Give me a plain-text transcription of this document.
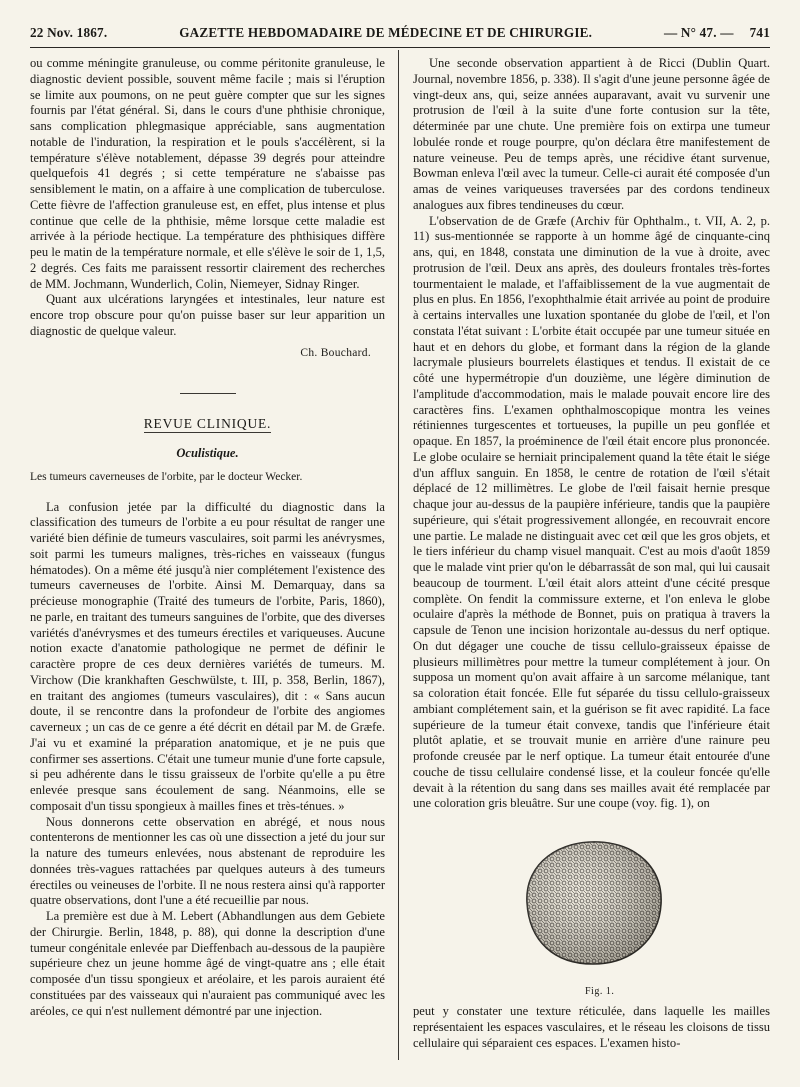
22 Nov. 1867.	GAZETTE HEBDOMADAIRE DE MÉDECINE ET DE CHIRURGIE.	— N° 47. — 741

ou comme méningite granuleuse, ou comme péritonite granuleuse, le diagnostic devient possible, souvent même facile ; mais si l'éruption se limite aux poumons, on ne peut guère compter que sur les signes fournis par l'état général. Si, dans le cours d'une phthisie chronique, sans complication phlegmasique appréciable, sans augmentation notable de l'induration, la respiration et le pouls s'accélèrent, si la température s'élève notablement, dépasse 39 degrés pour atteindre quelquefois 41 degrés ; si cette température ne s'abaisse pas sensiblement le matin, on a affaire à une complication de tuberculose. Cette fièvre de l'affection granuleuse est, en effet, plus intense et plus continue que celle de la phthisie, même lorsque cette maladie est arrivée à la période hectique. La température des phthisiques diffère peu le matin de la température normale, et elle s'élève le soir de 1, 1,5, 2 degrés. Ces faits me paraissent ressortir clairement des recherches de MM. Jochmann, Wunderlich, Colin, Niemeyer, Sidnay Ringer.

Quant aux ulcérations laryngées et intestinales, leur nature est encore trop obscure pour qu'on puisse baser sur leur apparition un diagnostic de quelque valeur.

Ch. Bouchard.
REVUE CLINIQUE.
Oculistique.

Les tumeurs caverneuses de l'orbite, par le docteur Wecker.

La confusion jetée par la difficulté du diagnostic dans la classification des tumeurs de l'orbite a eu pour résultat de ranger une variété bien définie de tumeurs vasculaires, soit parmi les anévrysmes, soit parmi les tumeurs malignes, très-riches en vaisseaux (fungus hématodes). On a même été jusqu'à nier complétement l'existence des tumeurs caverneuses de l'orbite. Ainsi M. Demarquay, dans sa précieuse monographie (Traité des tumeurs de l'orbite, Paris, 1860), ne parle, en traitant des tumeurs sanguines de l'orbite, que des diverses variétés d'anévrysmes et des tumeurs érectiles et variqueuses. Aucune notion exacte d'anatomie pathologique ne permet de définir le caractère propre de ces deux dernières variétés de tumeurs. M. Virchow (Die krankhaften Geschwülste, t. III, p. 358, Berlin, 1867), en traitant des angiomes (tumeurs vasculaires), dit : « Sans aucun doute, il se rencontre dans la profondeur de l'orbite des angiomes caverneux ; un cas de ce genre a été décrit en détail par M. de Græfe. J'ai vu et examiné la préparation anatomique, et je ne puis que confirmer ses assertions. C'était une tumeur munie d'une forte capsule, si peu adhérente dans le tissu graisseux de l'orbite qu'elle a pu être enlevée presque sans écoulement de sang. Néanmoins, elle se composait d'un tissu spongieux à mailles fines et très-ténues. »

Nous donnerons cette observation en abrégé, et nous nous contenterons de mentionner les cas où une dissection a jeté du jour sur la nature des tumeurs enlevées, nous abstenant de reproduire les données très-vagues rattachées par quelques auteurs à des tumeurs érectiles ou veineuses de l'orbite. Il ne nous restera ainsi qu'à rapporter quatre observations, dont l'une a été recueillie par nous.

La première est due à M. Lebert (Abhandlungen aus dem Gebiete der Chirurgie. Berlin, 1848, p. 88), qui donne la description d'une tumeur congénitale enlevée par Dieffenbach au-dessous de la paupière supérieure chez un jeune homme âgé de vingt-quatre ans ; elle était composée d'un tissu spongieux et aréolaire, et les parois auraient été constituées par des vaisseaux qui n'auraient pas communiqué avec les aréoles, ce qui n'est nullement démontré par une injection.

Une seconde observation appartient à de Ricci (Dublin Quart. Journal, novembre 1856, p. 338). Il s'agit d'une jeune personne âgée de vingt-deux ans, qui, seize années auparavant, avait vu survenir une protrusion de l'œil à la suite d'une forte contusion sur la tête, déterminée par une chute. Une première fois on extirpa une tumeur lobulée ronde et rouge pourpre, qu'on déclara être manifestement de nature veineuse. Peu de temps après, une récidive étant survenue, Bowman enleva l'œil avec la tumeur. Celle-ci aurait été composée d'un amas de veines variqueuses traversées par des cordons tendineux analogues aux fibres tendineuses du cœur.

L'observation de de Græfe (Archiv für Ophthalm., t. VII, A. 2, p. 11) sus-mentionnée se rapporte à un homme âgé de cinquante-cinq ans, qui, en 1848, constata une diminution de la vue à droite, avec protrusion de l'œil. Deux ans après, des douleurs frontales très-fortes tourmentaient le malade, et l'affaiblissement de la vue augmentait de plus en plus. En 1856, l'exophthalmie était arrivée au point de produire à certains intervalles une luxation spontanée du globe de l'œil, et l'on constata l'état suivant : L'orbite était occupée par une tumeur située en haut et en dehors du globe, et formant dans la région de la glande lacrymale plusieurs bourrelets élastiques et tendus. Il existait de ce côté une hypermétropie d'un douzième, une légère diminution de l'amplitude d'accommodation, mais le malade pouvait encore lire des caractères fins. L'examen ophthalmoscopique montra les veines rétiniennes turgescentes et tortueuses, la pupille un peu gonflée et opaque. En 1857, la proéminence de l'œil était encore plus prononcée. Le globe oculaire se herniait principalement quand la tête était le siége d'un afflux sanguin. En 1858, le centre de rotation de l'œil s'était déplacé de 12 millimètres. Le globe de l'œil faisait hernie presque chaque jour au-dessus de la paupière inférieure, tandis que la paupière supérieure, qui s'était progressivement allongée, en recouvrait encore une partie. Le malade ne distinguait avec cet œil que les gros objets, et le tiers inférieur du champ visuel manquait. C'est au mois d'août 1859 que le malade vint prier qu'on le débarrassât de son mal, qui lui causait beaucoup de tourment. L'œil était alors atteint d'une cécité presque complète. On fendit la commissure externe, et l'on enleva le globe oculaire d'après la méthode de Bonnet, puis on pratiqua à travers la capsule de Tenon une incision horizontale au-dessus du nerf optique. On dut dégager une couche de tissu cellulo-graisseux épaisse de plusieurs millimètres pour mettre la tumeur complétement à jour. On supposa un moment qu'on avait affaire à un sarcome mélanique, tant sa coloration était foncée. Elle fut séparée du tissu cellulo-graisseux ambiant complétement sain, et la guérison se fit avec rapidité. La face supérieure de la tumeur était convexe, tandis que l'inférieure était plutôt aplatie, et se trouvait munie en arrière d'une rainure peu profonde creusée par le nerf optique. La tumeur était entourée d'une couche de tissu cellulaire condensé lisse, et la couleur foncée qu'elle devait à la rétention du sang dans ses mailles avait été remplacée par une coloration gris bleuâtre. Sur une coupe (voy. fig. 1), on

Fig. 1.

peut y constater une texture réticulée, dans laquelle les mailles représentaient les espaces vasculaires, et le réseau les cloisons de tissu cellulaire qui séparaient ces espaces. L'examen histo-
